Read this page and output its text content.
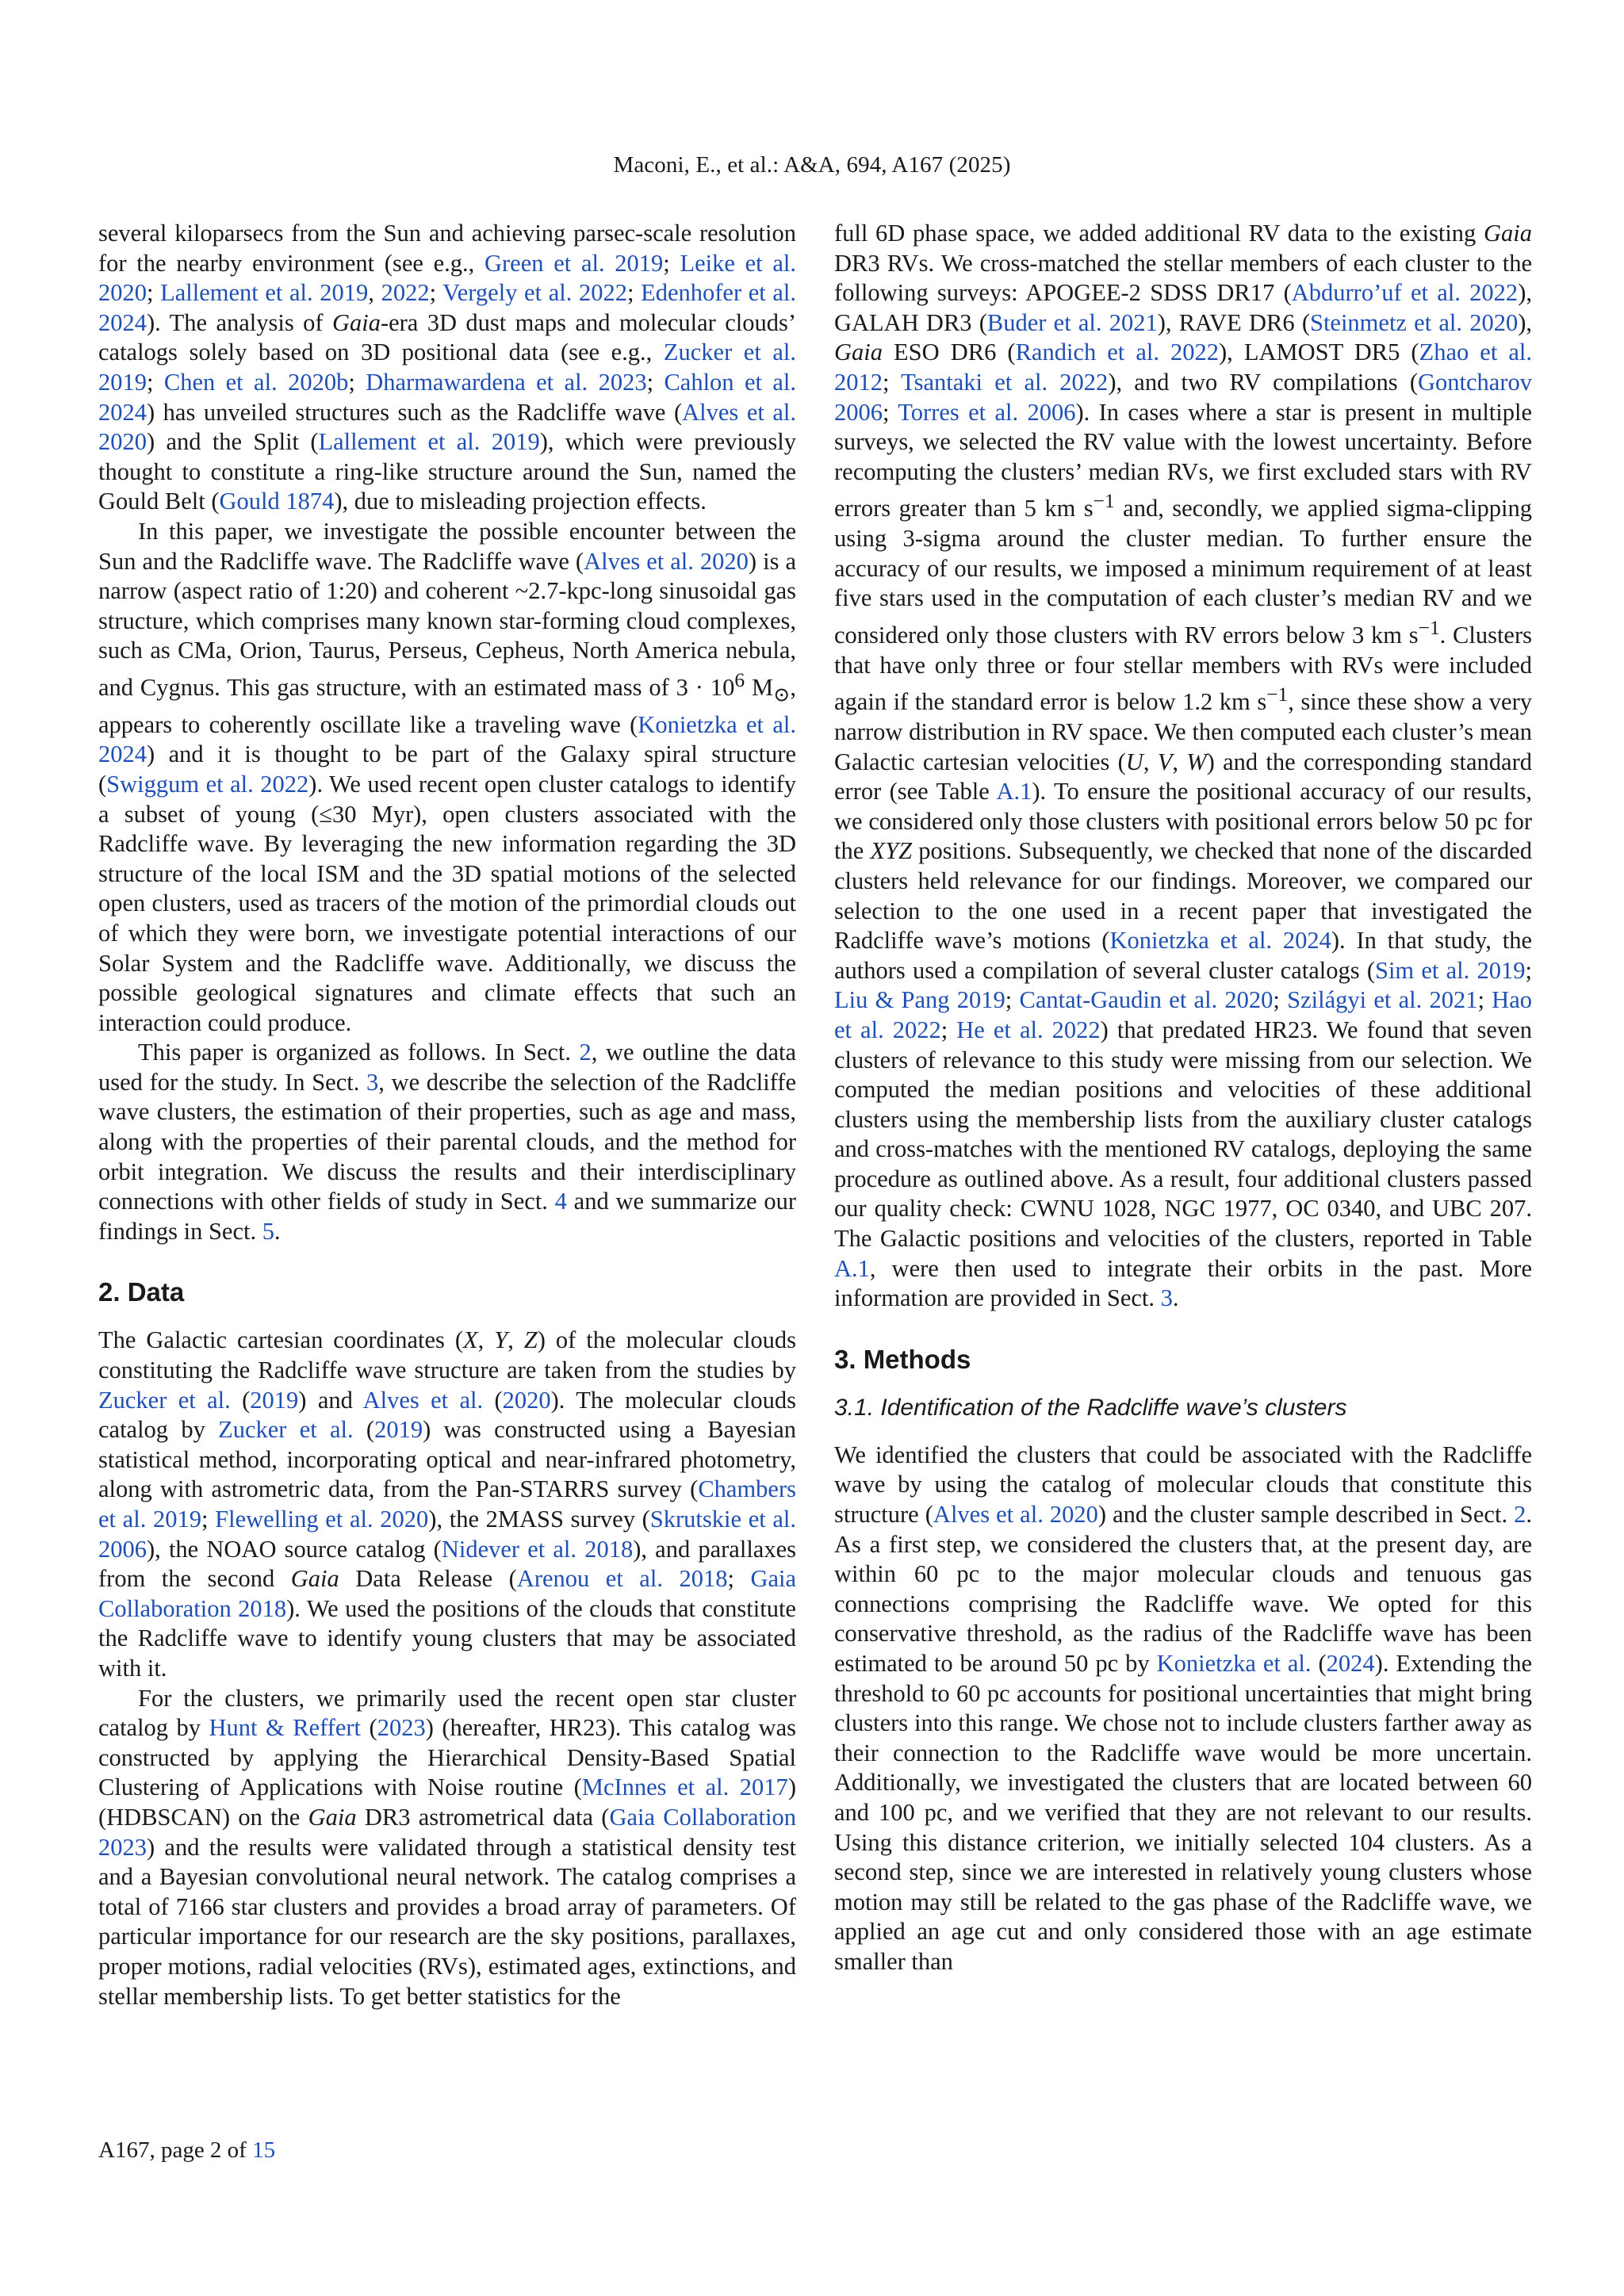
Maconi, E., et al.: A&A, 694, A167 (2025)

several kiloparsecs from the Sun and achieving parsec-scale resolution for the nearby environment (see e.g., Green et al. 2019; Leike et al. 2020; Lallement et al. 2019, 2022; Vergely et al. 2022; Edenhofer et al. 2024). The analysis of Gaia-era 3D dust maps and molecular clouds’ catalogs solely based on 3D positional data (see e.g., Zucker et al. 2019; Chen et al. 2020b; Dharmawardena et al. 2023; Cahlon et al. 2024) has unveiled structures such as the Radcliffe wave (Alves et al. 2020) and the Split (Lallement et al. 2019), which were previously thought to constitute a ring-like structure around the Sun, named the Gould Belt (Gould 1874), due to misleading projection effects.

In this paper, we investigate the possible encounter between the Sun and the Radcliffe wave. The Radcliffe wave (Alves et al. 2020) is a narrow (aspect ratio of 1:20) and coherent ~2.7-kpc-long sinusoidal gas structure, which comprises many known star-forming cloud complexes, such as CMa, Orion, Taurus, Perseus, Cepheus, North America nebula, and Cygnus. This gas structure, with an estimated mass of $3 \cdot 10^6$ $M_⊙$, appears to coherently oscillate like a traveling wave (Konietzka et al. 2024) and it is thought to be part of the Galaxy spiral structure (Swiggum et al. 2022). We used recent open cluster catalogs to identify a subset of young (≤30 Myr), open clusters associated with the Radcliffe wave. By leveraging the new information regarding the 3D structure of the local ISM and the 3D spatial motions of the selected open clusters, used as tracers of the motion of the primordial clouds out of which they were born, we investigate potential interactions of our Solar System and the Radcliffe wave. Additionally, we discuss the possible geological signatures and climate effects that such an interaction could produce.

This paper is organized as follows. In Sect. 2, we outline the data used for the study. In Sect. 3, we describe the selection of the Radcliffe wave clusters, the estimation of their properties, such as age and mass, along with the properties of their parental clouds, and the method for orbit integration. We discuss the results and their interdisciplinary connections with other fields of study in Sect. 4 and we summarize our findings in Sect. 5.

2. Data

The Galactic cartesian coordinates (X, Y, Z) of the molecular clouds constituting the Radcliffe wave structure are taken from the studies by Zucker et al. (2019) and Alves et al. (2020). The molecular clouds catalog by Zucker et al. (2019) was constructed using a Bayesian statistical method, incorporating optical and near-infrared photometry, along with astrometric data, from the Pan-STARRS survey (Chambers et al. 2019; Flewelling et al. 2020), the 2MASS survey (Skrutskie et al. 2006), the NOAO source catalog (Nidever et al. 2018), and parallaxes from the second Gaia Data Release (Arenou et al. 2018; Gaia Collaboration 2018). We used the positions of the clouds that constitute the Radcliffe wave to identify young clusters that may be associated with it.

For the clusters, we primarily used the recent open star cluster catalog by Hunt & Reffert (2023) (hereafter, HR23). This catalog was constructed by applying the Hierarchical Density-Based Spatial Clustering of Applications with Noise routine (McInnes et al. 2017) (HDBSCAN) on the Gaia DR3 astrometrical data (Gaia Collaboration 2023) and the results were validated through a statistical density test and a Bayesian convolutional neural network. The catalog comprises a total of 7166 star clusters and provides a broad array of parameters. Of particular importance for our research are the sky positions, parallaxes, proper motions, radial velocities (RVs), estimated ages, extinctions, and stellar membership lists. To get better statistics for the

full 6D phase space, we added additional RV data to the existing Gaia DR3 RVs. We cross-matched the stellar members of each cluster to the following surveys: APOGEE-2 SDSS DR17 (Abdurro’uf et al. 2022), GALAH DR3 (Buder et al. 2021), RAVE DR6 (Steinmetz et al. 2020), Gaia ESO DR6 (Randich et al. 2022), LAMOST DR5 (Zhao et al. 2012; Tsantaki et al. 2022), and two RV compilations (Gontcharov 2006; Torres et al. 2006). In cases where a star is present in multiple surveys, we selected the RV value with the lowest uncertainty. Before recomputing the clusters’ median RVs, we first excluded stars with RV errors greater than 5 km $s^{-1}$ and, secondly, we applied sigma-clipping using 3-sigma around the cluster median. To further ensure the accuracy of our results, we imposed a minimum requirement of at least five stars used in the computation of each cluster’s median RV and we considered only those clusters with RV errors below 3 km $s^{-1}$. Clusters that have only three or four stellar members with RVs were included again if the standard error is below 1.2 km $s^{-1}$, since these show a very narrow distribution in RV space. We then computed each cluster’s mean Galactic cartesian velocities (U, V, W) and the corresponding standard error (see Table A.1). To ensure the positional accuracy of our results, we considered only those clusters with positional errors below 50 pc for the XYZ positions. Subsequently, we checked that none of the discarded clusters held relevance for our findings. Moreover, we compared our selection to the one used in a recent paper that investigated the Radcliffe wave’s motions (Konietzka et al. 2024). In that study, the authors used a compilation of several cluster catalogs (Sim et al. 2019; Liu & Pang 2019; Cantat-Gaudin et al. 2020; Szilágyi et al. 2021; Hao et al. 2022; He et al. 2022) that predated HR23. We found that seven clusters of relevance to this study were missing from our selection. We computed the median positions and velocities of these additional clusters using the membership lists from the auxiliary cluster catalogs and cross-matches with the mentioned RV catalogs, deploying the same procedure as outlined above. As a result, four additional clusters passed our quality check: CWNU 1028, NGC 1977, OC 0340, and UBC 207. The Galactic positions and velocities of the clusters, reported in Table A.1, were then used to integrate their orbits in the past. More information are provided in Sect. 3.

3. Methods
3.1. Identification of the Radcliffe wave’s clusters

We identified the clusters that could be associated with the Radcliffe wave by using the catalog of molecular clouds that constitute this structure (Alves et al. 2020) and the cluster sample described in Sect. 2. As a first step, we considered the clusters that, at the present day, are within 60 pc to the major molecular clouds and tenuous gas connections comprising the Radcliffe wave. We opted for this conservative threshold, as the radius of the Radcliffe wave has been estimated to be around 50 pc by Konietzka et al. (2024). Extending the threshold to 60 pc accounts for positional uncertainties that might bring clusters into this range. We chose not to include clusters farther away as their connection to the Radcliffe wave would be more uncertain. Additionally, we investigated the clusters that are located between 60 and 100 pc, and we verified that they are not relevant to our results. Using this distance criterion, we initially selected 104 clusters. As a second step, since we are interested in relatively young clusters whose motion may still be related to the gas phase of the Radcliffe wave, we applied an age cut and only considered those with an age estimate smaller than

A167, page 2 of 15
